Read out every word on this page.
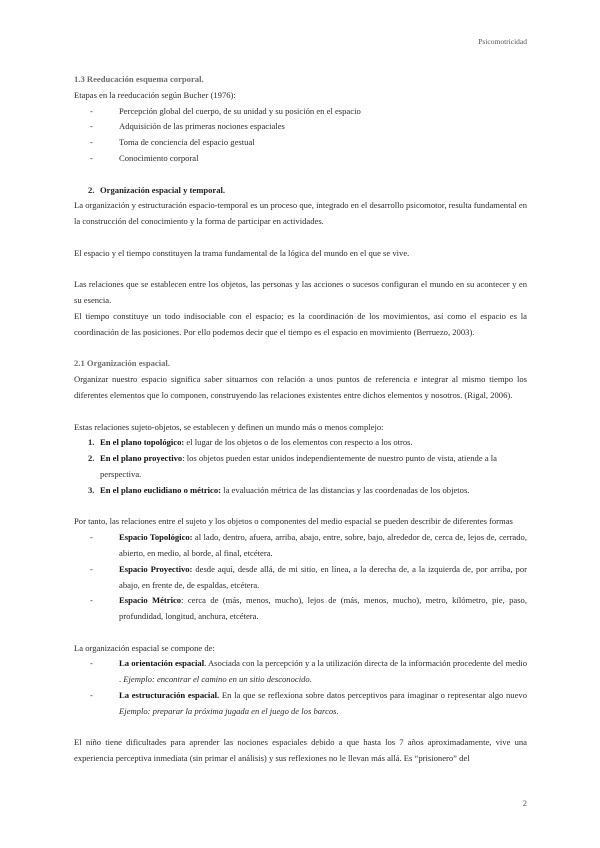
Psicomotricidad

1.3 Reeducación esquema corporal.

Etapas en la reeducación según Bucher (1976):

-	Percepción global del cuerpo, de su unidad y su posición en el espacio
-	Adquisición de las primeras nociones espaciales
-	Toma de conciencia del espacio gestual
-	Conocimiento corporal
2. Organización espacial y temporal.

La organización y estructuración espacio-temporal es un proceso que, integrado en el desarrollo psicomotor, resulta fundamental en la construcción del conocimiento y la forma de participar en actividades.

El espacio y el tiempo constituyen la trama fundamental de la lógica del mundo en el que se vive.

Las relaciones que se establecen entre los objetos, las personas y las acciones o sucesos configuran el mundo en su acontecer y en su esencia.

El tiempo constituye un todo indisociable con el espacio; es la coordinación de los movimientos, así como el espacio es la coordinación de las posiciones. Por ello podemos decir que el tiempo es el espacio en movimiento (Berruezo, 2003).

2.1 Organización espacial.

Organizar nuestro espacio significa saber situarnos con relación a unos puntos de referencia e integrar al mismo tiempo los diferentes elementos que lo componen, construyendo las relaciones existentes entre dichos elementos y nosotros. (Rigal, 2006).

Estas relaciones sujeto-objetos, se establecen y definen un mundo más o menos complejo:

1. En el plano topológico: el lugar de los objetos o de los elementos con respecto a los otros.
2. En el plano proyectivo: los objetos pueden estar unidos independientemente de nuestro punto de vista, atiende a la perspectiva.
3. En el plano euclidiano o métrico: la evaluación métrica de las distancias y las coordenadas de los objetos.

Por tanto, las relaciones entre el sujeto y los objetos o componentes del medio espacial se pueden describir de diferentes formas

-	Espacio Topológico: al lado, dentro, afuera, arriba, abajo, entre, sobre, bajo, alrededor de, cerca de, lejos de, cerrado, abierto, en medio, al borde, al final, etcétera.
-	Espacio Proyectivo: desde aquí, desde allá, de mi sitio, en línea, a la derecha de, a la izquierda de, por arriba, por abajo, en frente de, de espaldas, etcétera.
-	Espacio Métrico: cerca de (más, menos, mucho), lejos de (más, menos, mucho), metro, kilómetro, pie, paso, profundidad, longitud, anchura, etcétera.

La organización espacial se compone de:

-	La orientación espacial. Asociada con la percepción y a la utilización directa de la información procedente del medio . Ejemplo: encontrar el camino en un sitio desconocido.
-	La estructuración espacial. En la que se reflexiona sobre datos perceptivos para imaginar o representar algo nuevo Ejemplo: preparar la próxima jugada en el juego de los barcos.

El niño tiene dificultades para aprender las nociones espaciales debido a que hasta los 7 años aproximadamente, vive una experiencia perceptiva inmediata (sin primar el análisis) y sus reflexiones no le llevan más allá. Es “prisionero” del

2
